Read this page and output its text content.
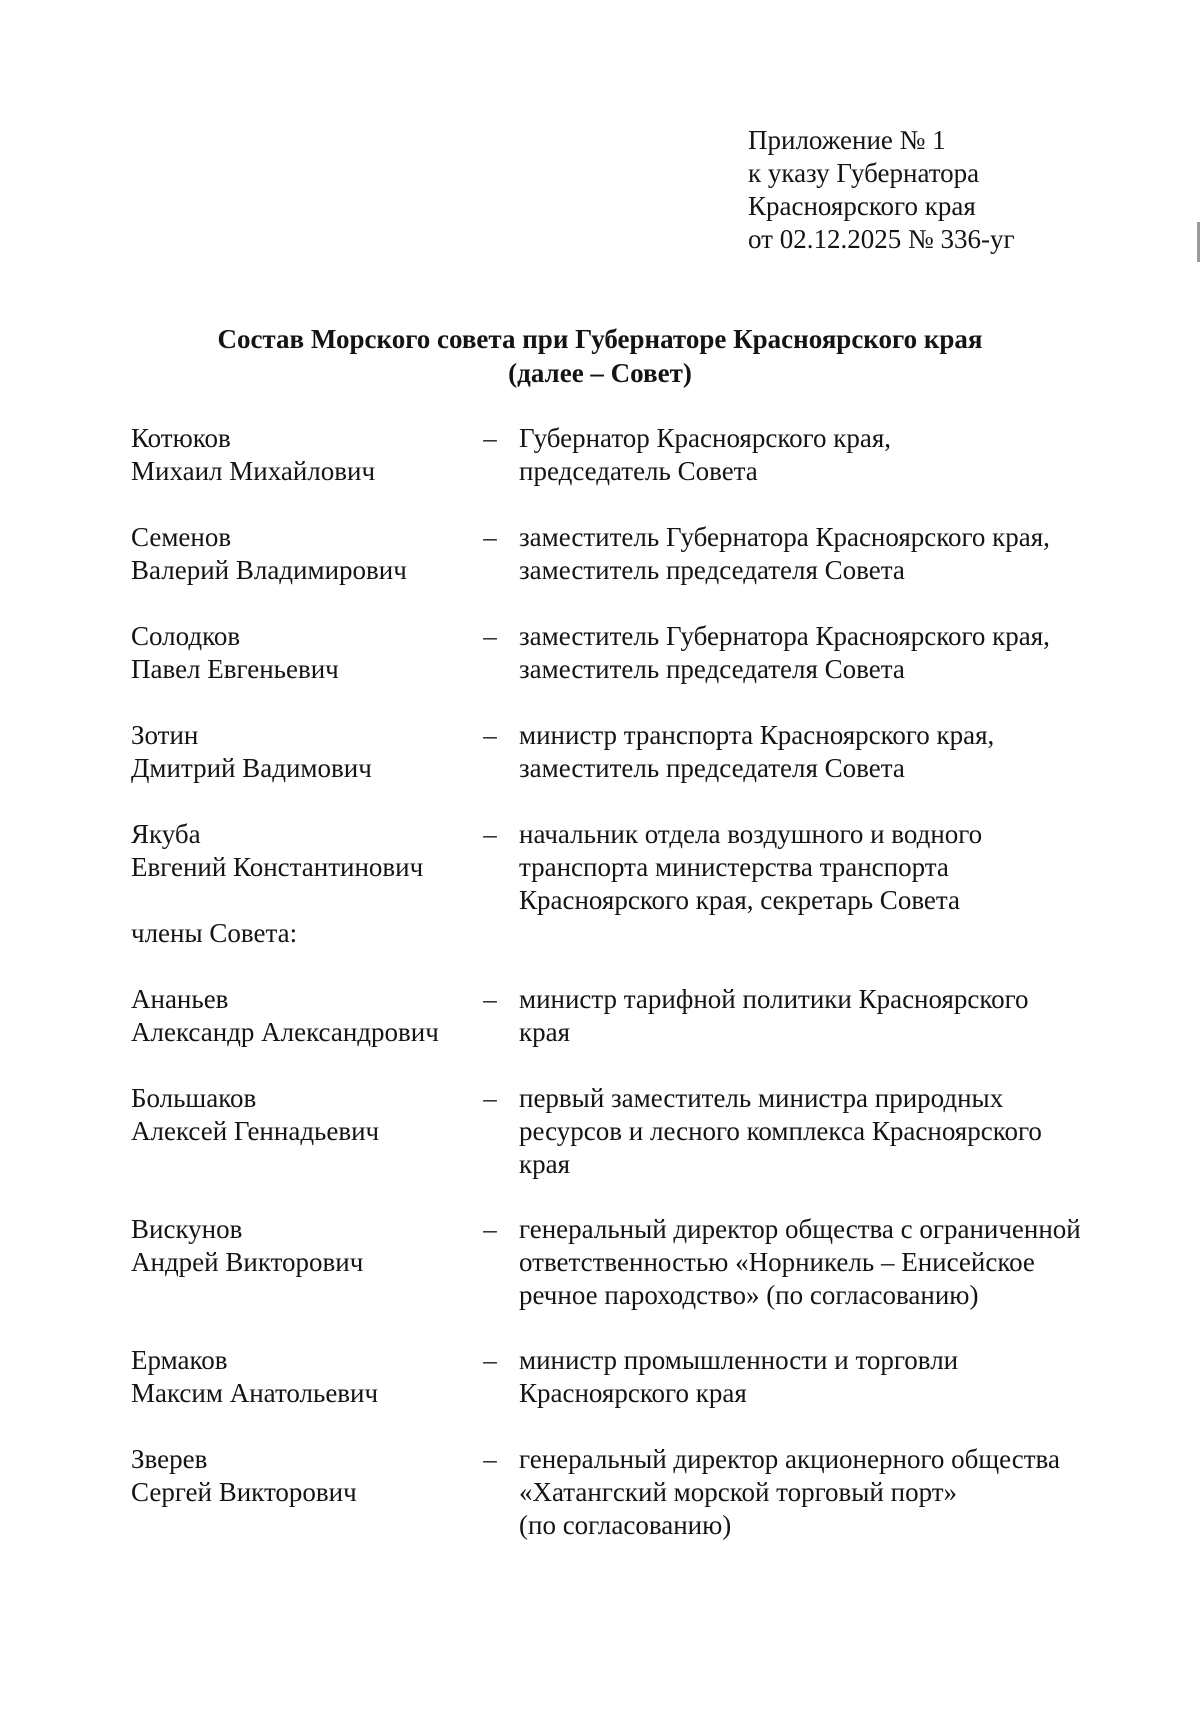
Приложение № 1
к указу Губернатора
Красноярского края
от 02.12.2025 № 336-уг
Состав Морского совета при Губернаторе Красноярского края
(далее – Совет)
Котюков
Михаил Михайлович
– Губернатор Красноярского края,
председатель Совета
Семенов
Валерий Владимирович
– заместитель Губернатора Красноярского края,
заместитель председателя Совета
Солодков
Павел Евгеньевич
– заместитель Губернатора Красноярского края,
заместитель председателя Совета
Зотин
Дмитрий Вадимович
– министр транспорта Красноярского края,
заместитель председателя Совета
Якуба
Евгений Константинович
– начальник отдела воздушного и водного
транспорта министерства транспорта
Красноярского края, секретарь Совета
члены Совета:
Ананьев
Александр Александрович
– министр тарифной политики Красноярского
края
Большаков
Алексей Геннадьевич
– первый заместитель министра природных
ресурсов и лесного комплекса Красноярского
края
Вискунов
Андрей Викторович
– генеральный директор общества с ограниченной
ответственностью «Норникель – Енисейское
речное пароходство» (по согласованию)
Ермаков
Максим Анатольевич
– министр промышленности и торговли
Красноярского края
Зверев
Сергей Викторович
– генеральный директор акционерного общества
«Хатангский морской торговый порт»
(по согласованию)
